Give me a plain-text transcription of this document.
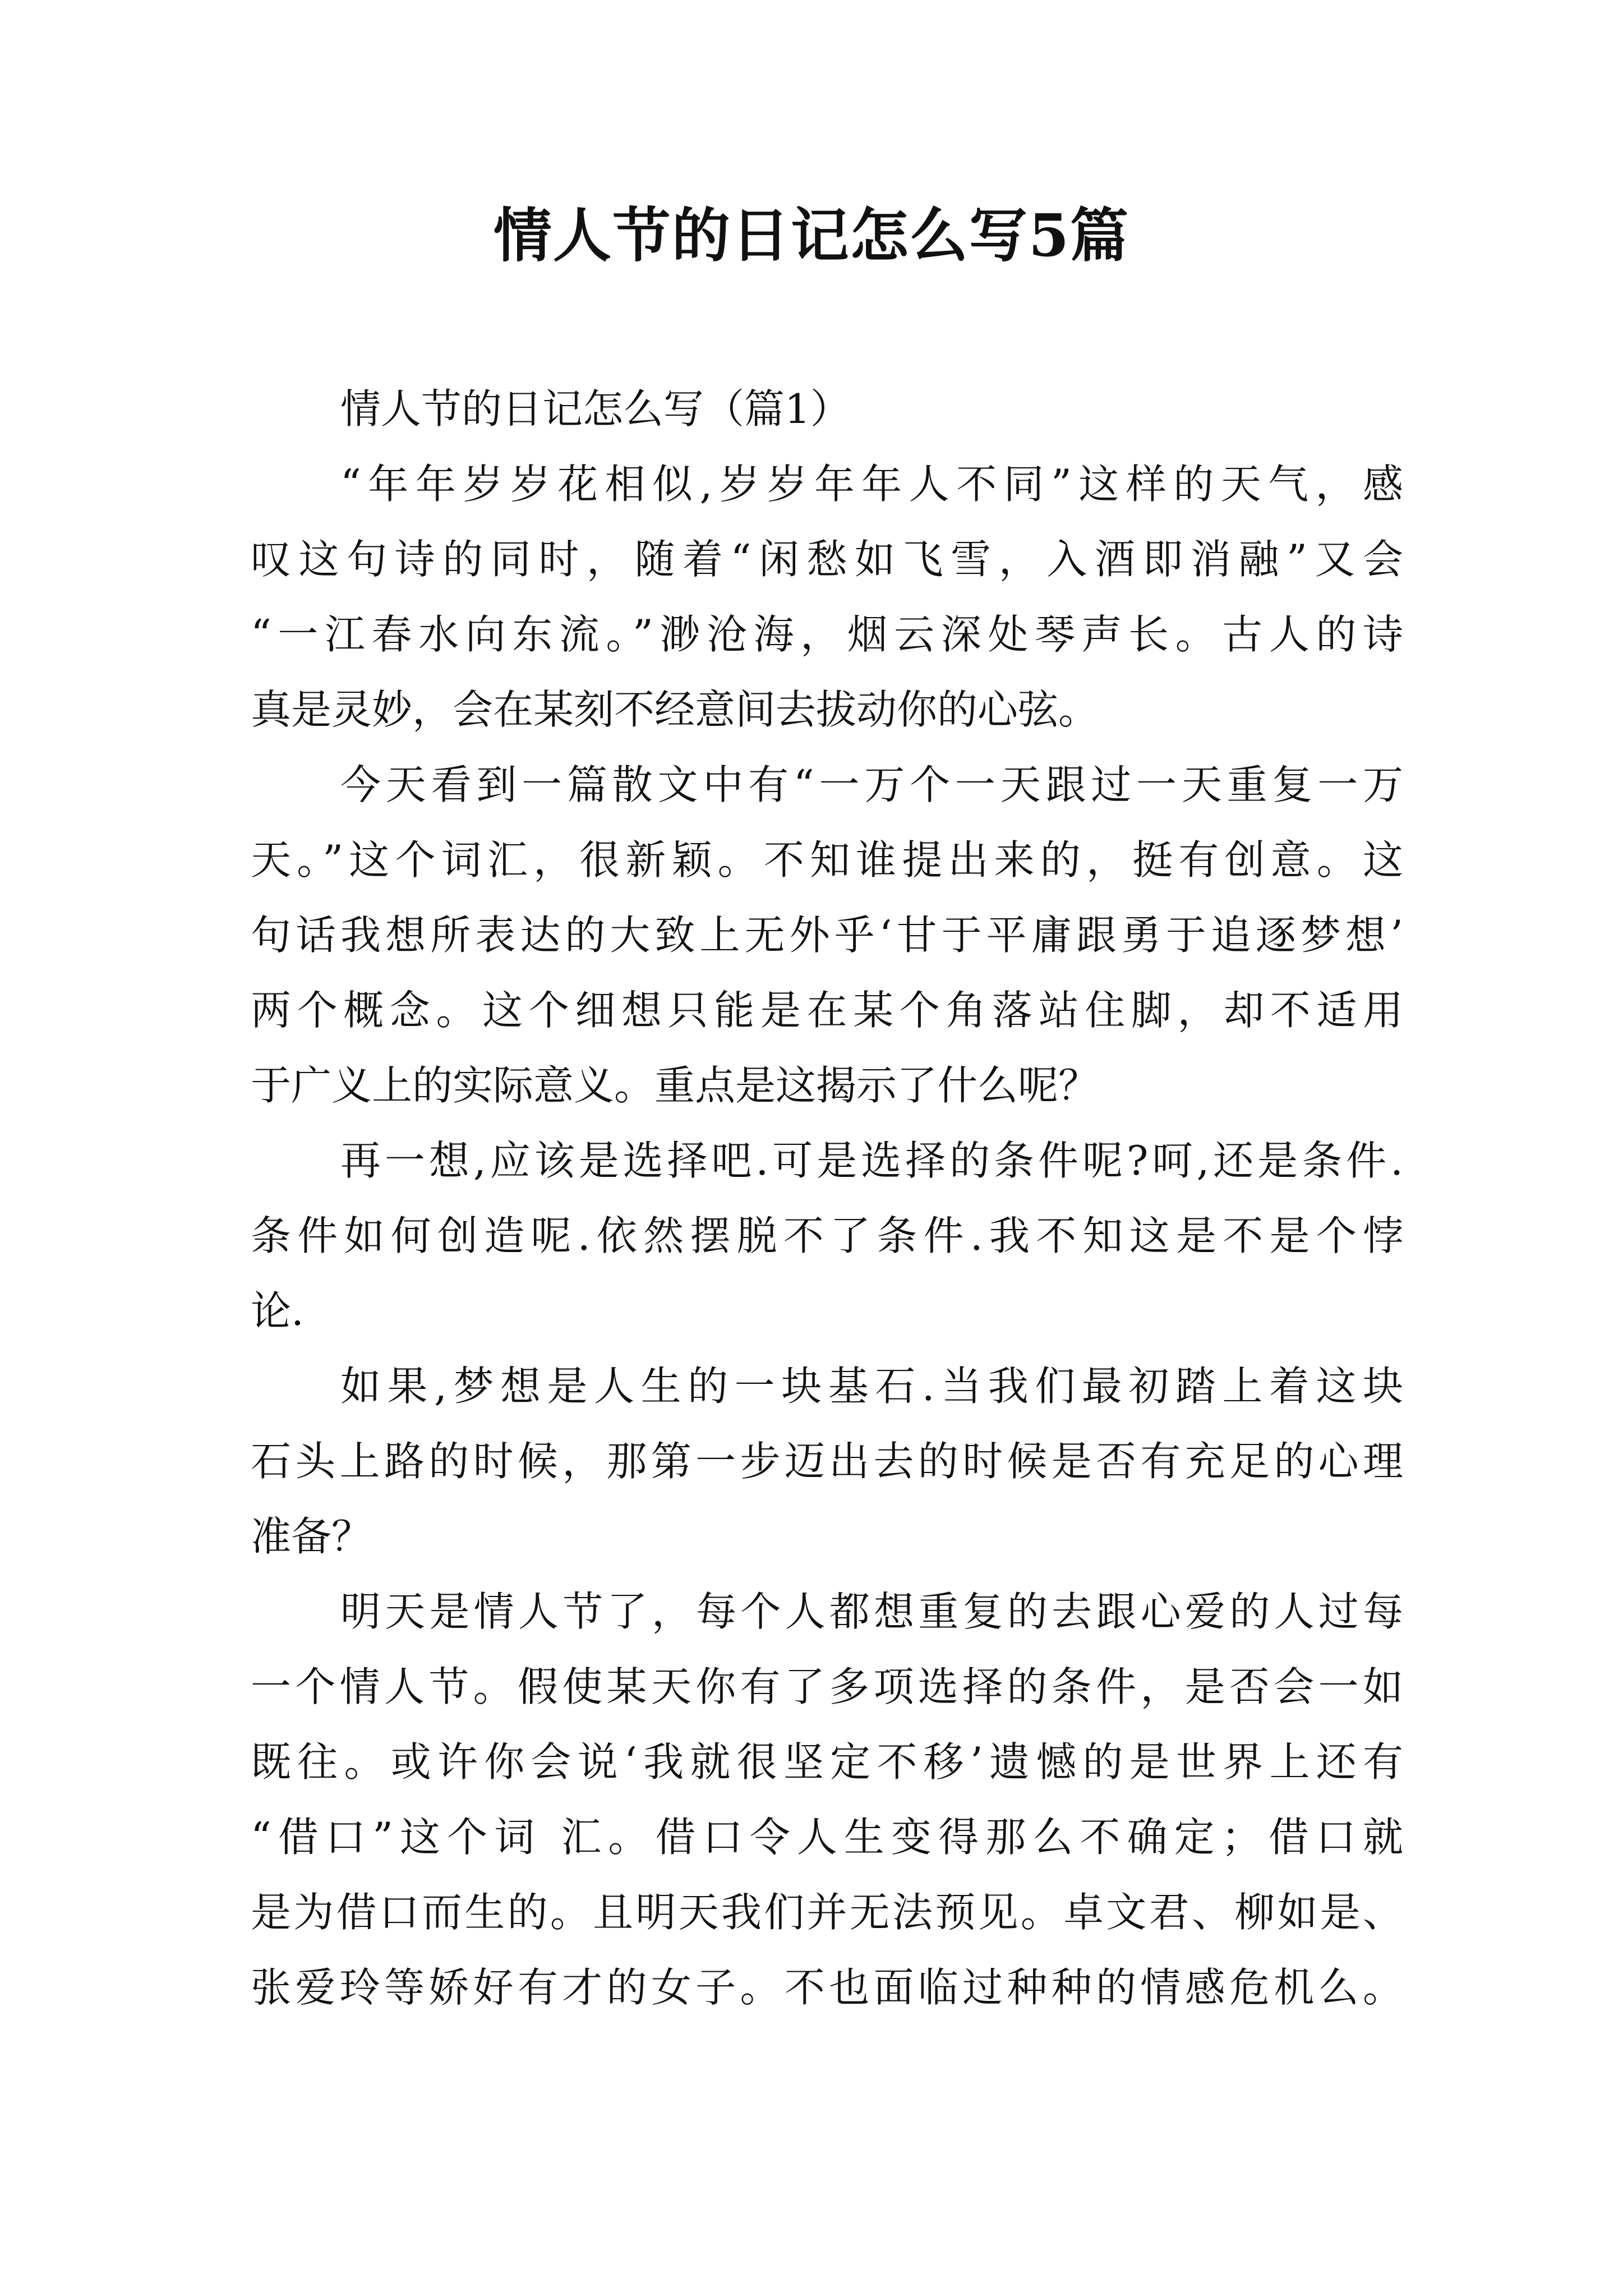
情人节的日记怎么写5篇
情人节的日记怎么写（篇1）
“年年岁岁花相似,岁岁年年人不同”这样的天气，感
叹这句诗的同时，随着“闲愁如飞雪，入酒即消融”又会
“一江春水向东流。”渺沧海，烟云深处琴声长。古人的诗
真是灵妙，会在某刻不经意间去拔动你的心弦。
今天看到一篇散文中有“一万个一天跟过一天重复一万
天。”这个词汇，很新颖。不知谁提出来的，挺有创意。这
句话我想所表达的大致上无外乎‘甘于平庸跟勇于追逐梦想’
两个概念。这个细想只能是在某个角落站住脚，却不适用
于广义上的实际意义。重点是这揭示了什么呢？
再一想,应该是选择吧.可是选择的条件呢?呵,还是条件.
条件如何创造呢.依然摆脱不了条件.我不知这是不是个悖
论.
如果,梦想是人生的一块基石.当我们最初踏上着这块
石头上路的时候，那第一步迈出去的时候是否有充足的心理
准备？
明天是情人节了，每个人都想重复的去跟心爱的人过每
一个情人节。假使某天你有了多项选择的条件，是否会一如
既往。或许你会说‘我就很坚定不移’遗憾的是世界上还有
“借口”这个词 汇。借口令人生变得那么不确定；借口就
是为借口而生的。且明天我们并无法预见。卓文君、柳如是、
张爱玲等娇好有才的女子。不也面临过种种的情感危机么。
